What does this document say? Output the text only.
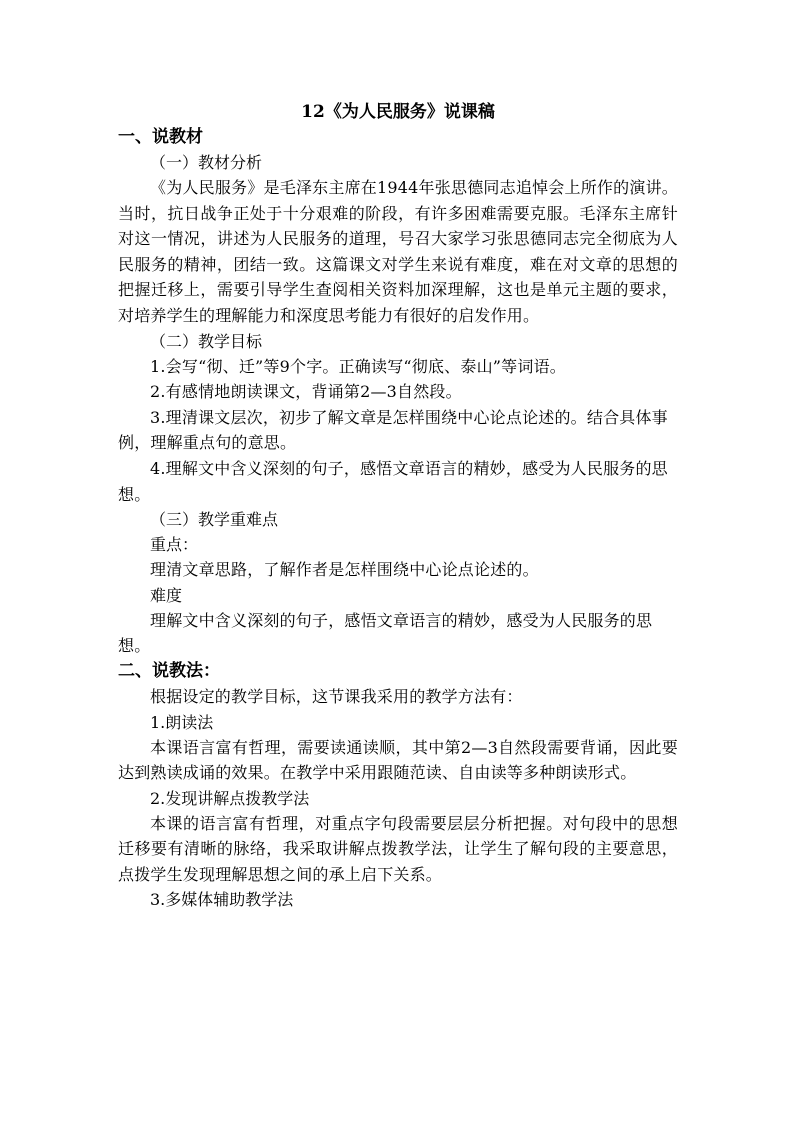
12《为人民服务》说课稿

一、说教材

（一）教材分析

《为人民服务》是毛泽东主席在1944年张思德同志追悼会上所作的演讲。当时，抗日战争正处于十分艰难的阶段，有许多困难需要克服。毛泽东主席针对这一情况，讲述为人民服务的道理，号召大家学习张思德同志完全彻底为人民服务的精神，团结一致。这篇课文对学生来说有难度，难在对文章的思想的把握迁移上，需要引导学生查阅相关资料加深理解，这也是单元主题的要求，对培养学生的理解能力和深度思考能力有很好的启发作用。

（二）教学目标

1.会写“彻、迁”等9个字。正确读写“彻底、泰山”等词语。

2.有感情地朗读课文，背诵第2—3自然段。

3.理清课文层次，初步了解文章是怎样围绕中心论点论述的。结合具体事例，理解重点句的意思。

4.理解文中含义深刻的句子，感悟文章语言的精妙，感受为人民服务的思想。

（三）教学重难点

重点：

理清文章思路，了解作者是怎样围绕中心论点论述的。

难度

理解文中含义深刻的句子，感悟文章语言的精妙，感受为人民服务的思想。

二、说教法：

根据设定的教学目标，这节课我采用的教学方法有：

1.朗读法

本课语言富有哲理，需要读通读顺，其中第2—3自然段需要背诵，因此要达到熟读成诵的效果。在教学中采用跟随范读、自由读等多种朗读形式。

2.发现讲解点拨教学法

本课的语言富有哲理，对重点字句段需要层层分析把握。对句段中的思想迁移要有清晰的脉络，我采取讲解点拨教学法，让学生了解句段的主要意思，点拨学生发现理解思想之间的承上启下关系。

3.多媒体辅助教学法
